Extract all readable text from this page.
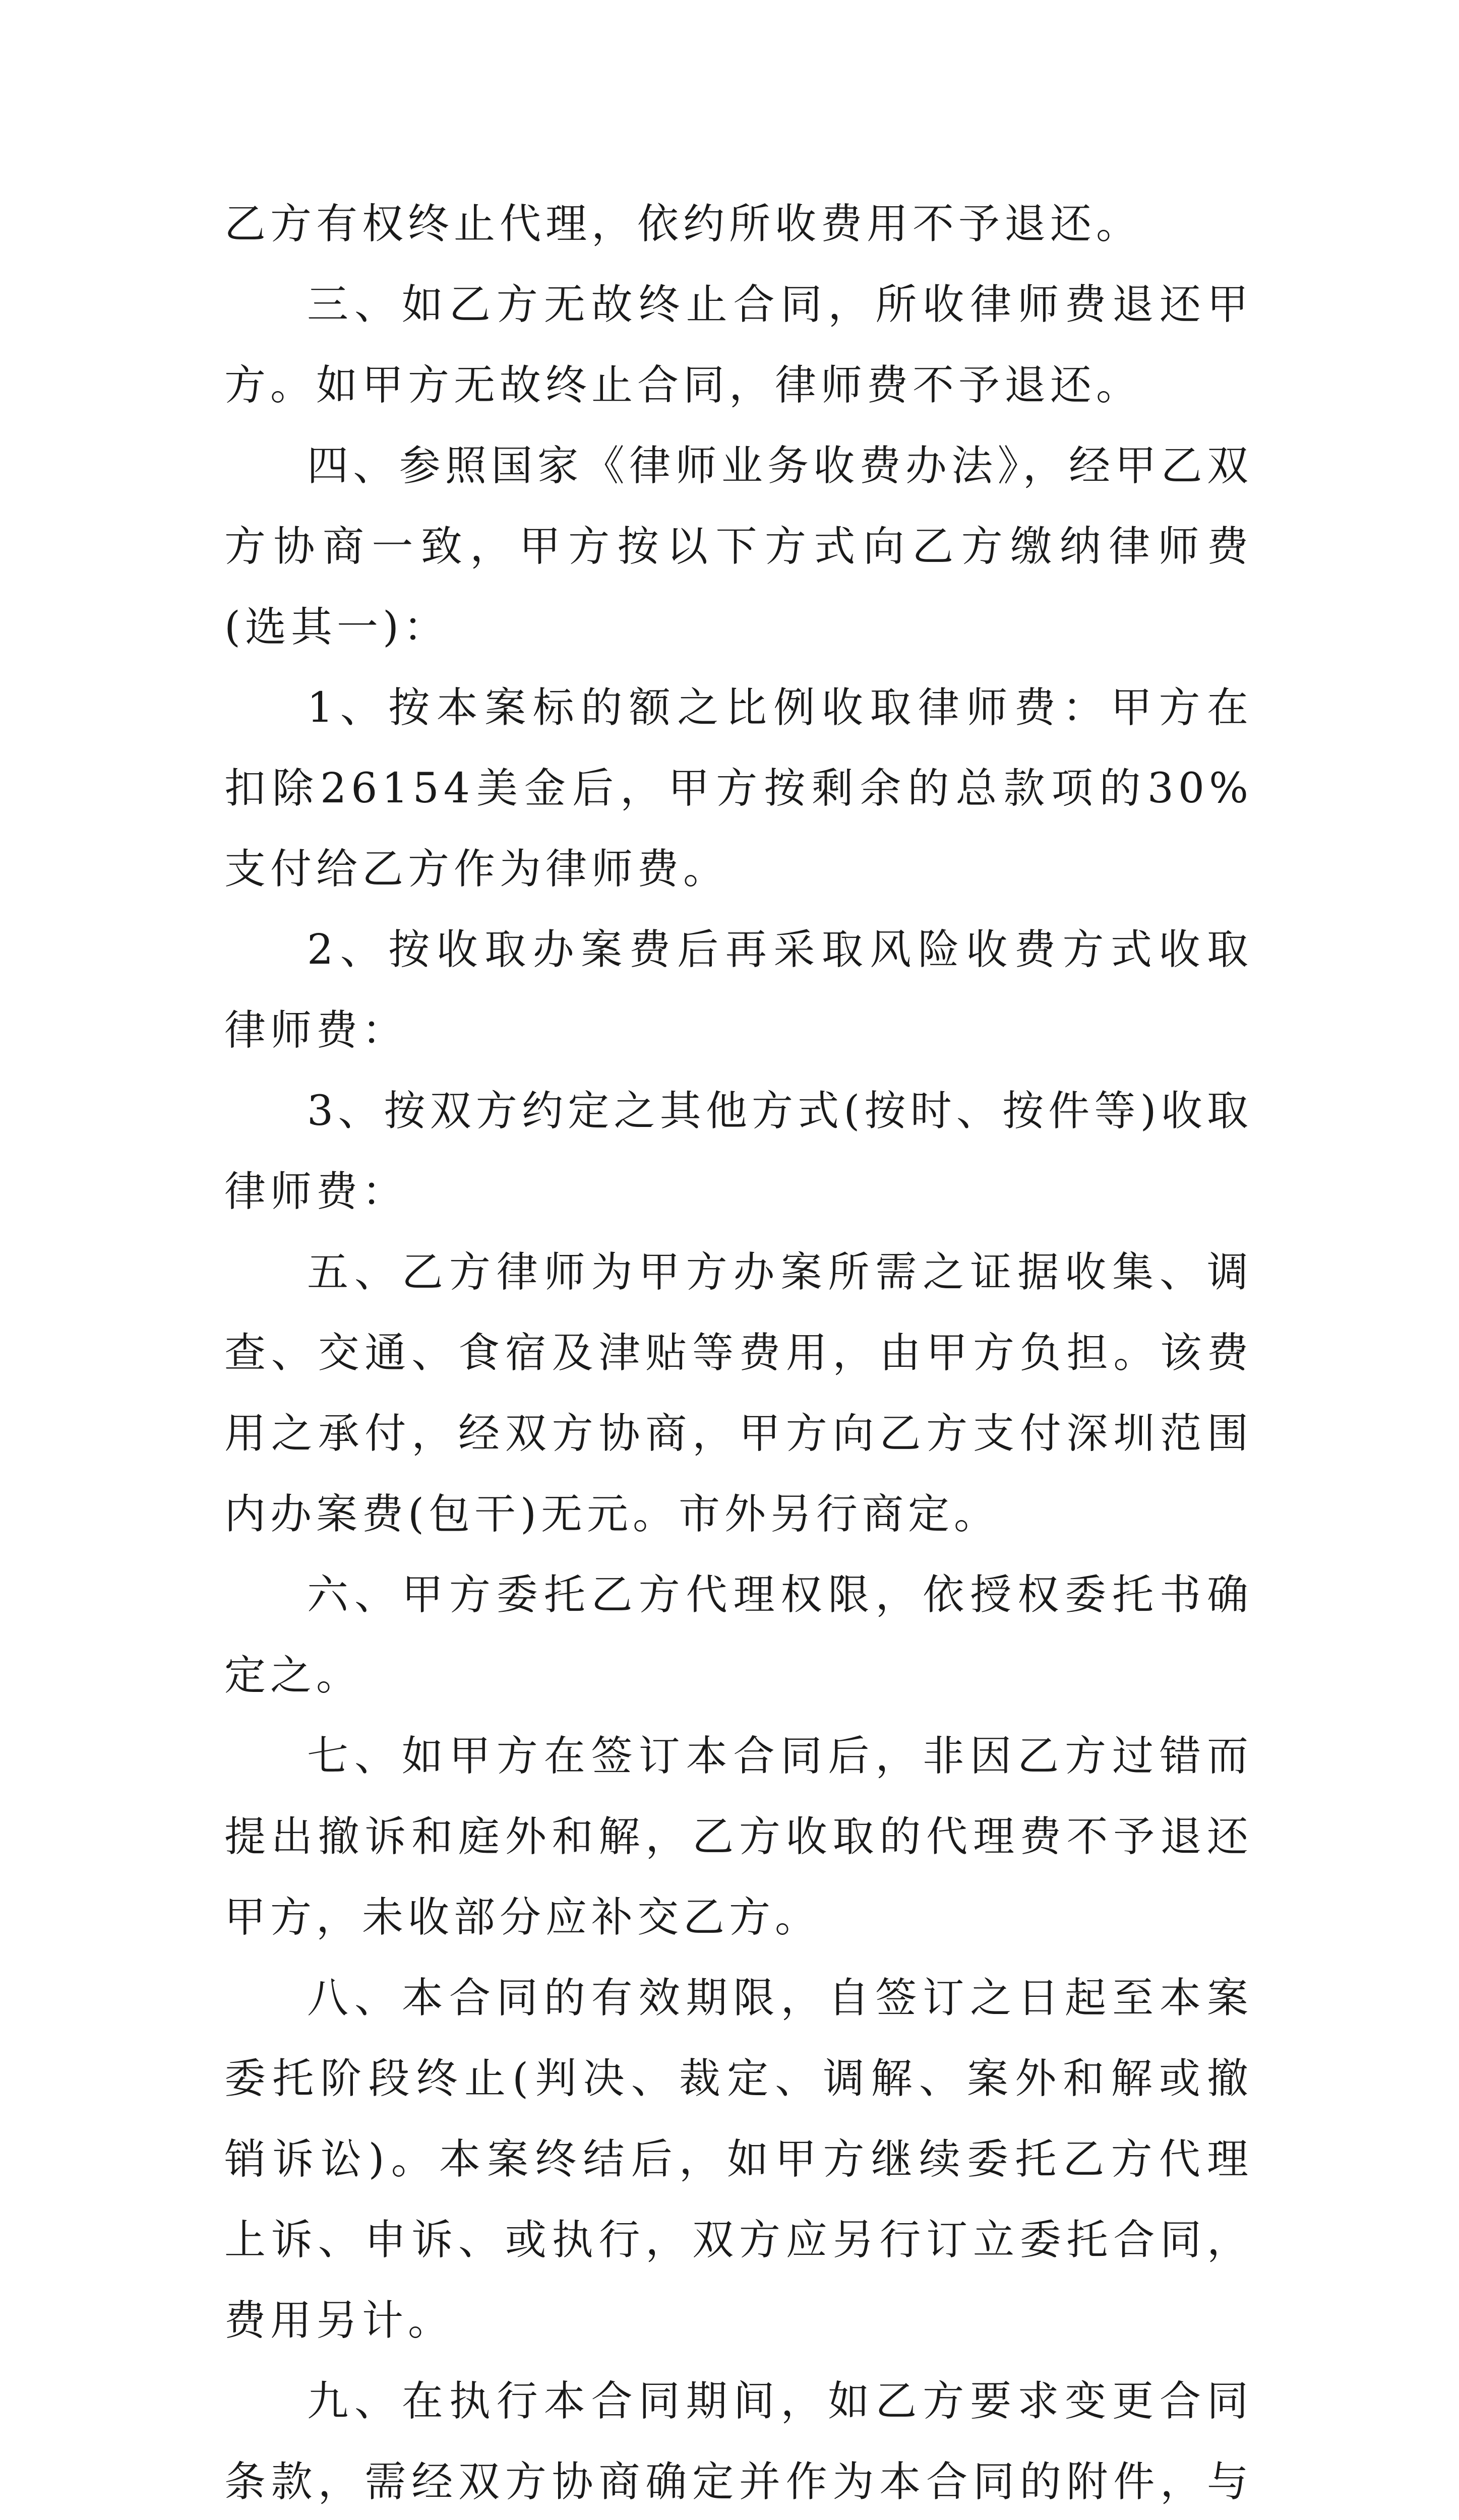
乙方有权终止代理，依约所收费用不予退还。

三、如乙方无故终止合同，所收律师费退还甲方。如甲方无故终止合同，律师费不予退还。

四、参照国家《律师业务收费办法》，经甲乙双方协商一致，甲方按以下方式向乙方缴纳律师费(选其一)：

1、按本案标的额之比例收取律师费：甲方在扣除26154美金后，甲方按剩余的总款项的30%支付给乙方作为律师费。

2、按收取办案费后再采取风险收费方式收取律师费：

3、按双方约定之其他方式(按时、按件等)收取律师费：

五、乙方律师为甲方办案所需之证据收集、调查、交通、食宿及津贴等费用，由甲方负担。该费用之承付，经双方协商，甲方向乙方支付深圳范围内办案费(包干)无元。市外另行商定。

六、甲方委托乙方代理权限，依授权委托书确定之。

七、如甲方在签订本合同后，非因乙方过错而提出撤诉和庭外和解，乙方收取的代理费不予退还甲方，未收部分应补交乙方。

八、本合同的有效期限，自签订之日起至本案委托阶段终止(判决、裁定、调解、案外和解或撤销诉讼)。本案终结后，如甲方继续委托乙方代理上诉、申诉、或执行，双方应另行订立委托合同，费用另计。

九、在执行本合同期间，如乙方要求变更合同条款，需经双方协商确定并作为本合同的附件，与
